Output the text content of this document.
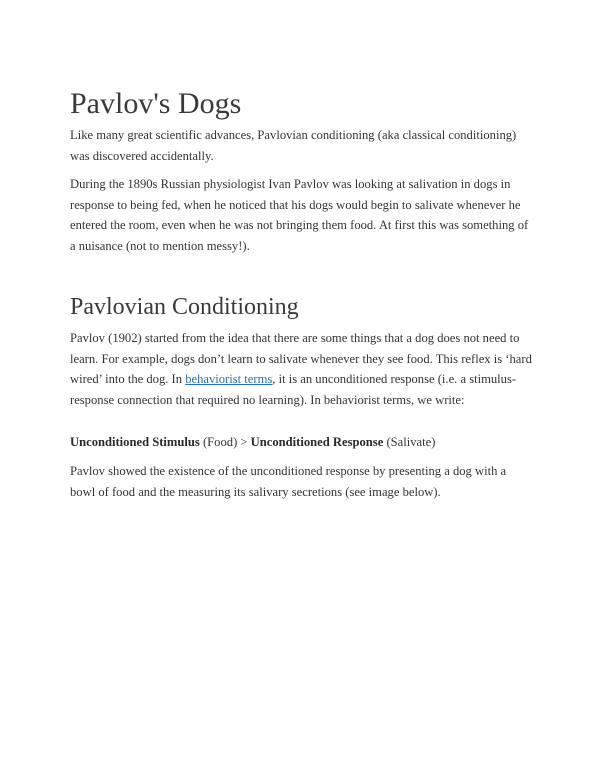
Pavlov's Dogs

Like many great scientific advances, Pavlovian conditioning (aka classical conditioning) was discovered accidentally.

During the 1890s Russian physiologist Ivan Pavlov was looking at salivation in dogs in response to being fed, when he noticed that his dogs would begin to salivate whenever he entered the room, even when he was not bringing them food. At first this was something of a nuisance (not to mention messy!).

Pavlovian Conditioning

Pavlov (1902) started from the idea that there are some things that a dog does not need to learn. For example, dogs don’t learn to salivate whenever they see food. This reflex is ‘hard wired’ into the dog. In behaviorist terms, it is an unconditioned response (i.e. a stimulus-response connection that required no learning). In behaviorist terms, we write:

Unconditioned Stimulus (Food) > Unconditioned Response (Salivate)

Pavlov showed the existence of the unconditioned response by presenting a dog with a bowl of food and the measuring its salivary secretions (see image below).
